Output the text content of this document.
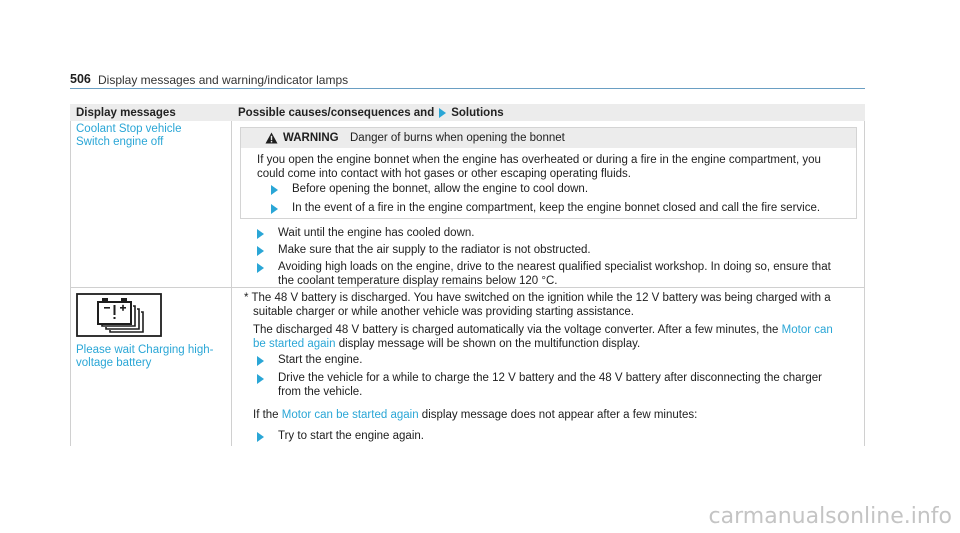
506 Display messages and warning/indicator lamps
Display messages	Possible causes/consequences and Solutions
Coolant Stop vehicle
Switch engine off	WARNING Danger of burns when opening the bonnet
If you open the engine bonnet when the engine has overheated or during a fire in the engine compartment, you
could come into contact with hot gases or other escaping operating fluids.
Before opening the bonnet, allow the engine to cool down.
In the event of a fire in the engine compartment, keep the engine bonnet closed and call the fire service.
Wait until the engine has cooled down.
Make sure that the air supply to the radiator is not obstructed.
Avoiding high loads on the engine, drive to the nearest qualified specialist workshop. In doing so, ensure that
the coolant temperature display remains below 120 °C.
Please wait Charging high-
voltage battery
* The 48 V battery is discharged. You have switched on the ignition while the 12 V battery was being charged with a
suitable charger or while another vehicle was providing starting assistance.
The discharged 48 V battery is charged automatically via the voltage converter. After a few minutes, the Motor can
be started again display message will be shown on the multifunction display.
Start the engine.
Drive the vehicle for a while to charge the 12 V battery and the 48 V battery after disconnecting the charger
from the vehicle.
If the Motor can be started again display message does not appear after a few minutes:
Try to start the engine again.
carmanualsonline.info
